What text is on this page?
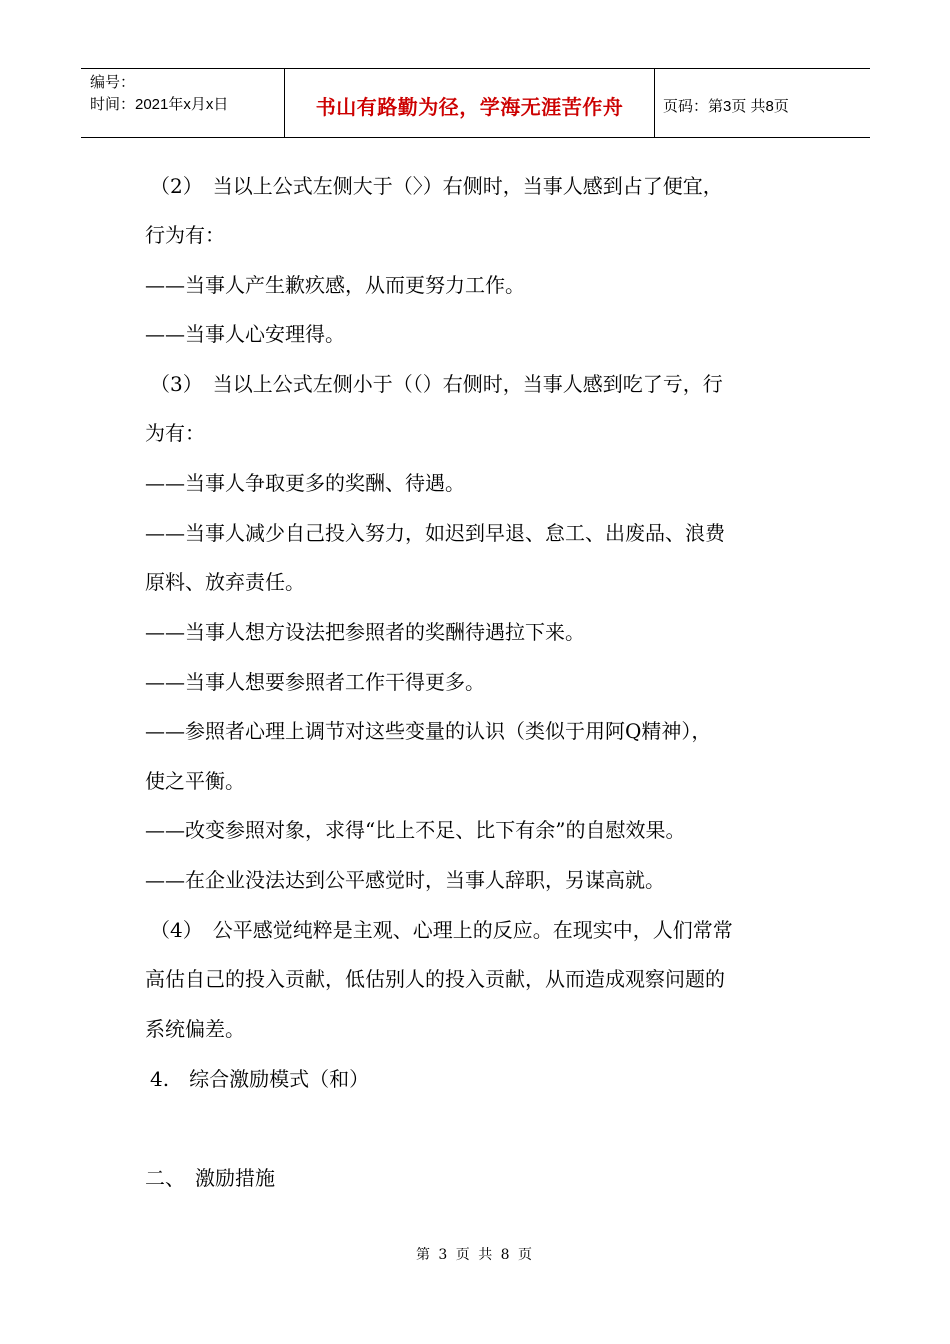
编号：
时间：2021年x月x日	书山有路勤为径，学海无涯苦作舟	页码：第3页 共8页
（2）　当以上公式左侧大于（〉）右侧时，当事人感到占了便宜，
行为有：
——当事人产生歉疚感，从而更努力工作。
——当事人心安理得。
（3）　当以上公式左侧小于（（）右侧时，当事人感到吃了亏，行
为有：
——当事人争取更多的奖酬、待遇。
——当事人减少自己投入努力，如迟到早退、怠工、出废品、浪费
原料、放弃责任。
——当事人想方设法把参照者的奖酬待遇拉下来。
——当事人想要参照者工作干得更多。
——参照者心理上调节对这些变量的认识（类似于用阿Q精神），
使之平衡。
——改变参照对象，求得“比上不足、比下有余”的自慰效果。
——在企业没法达到公平感觉时，当事人辞职，另谋高就。
（4）　公平感觉纯粹是主观、心理上的反应。在现实中，人们常常
高估自己的投入贡献，低估别人的投入贡献，从而造成观察问题的
系统偏差。
4.　综合激励模式（和）
二、　激励措施
第 3 页 共 8 页
